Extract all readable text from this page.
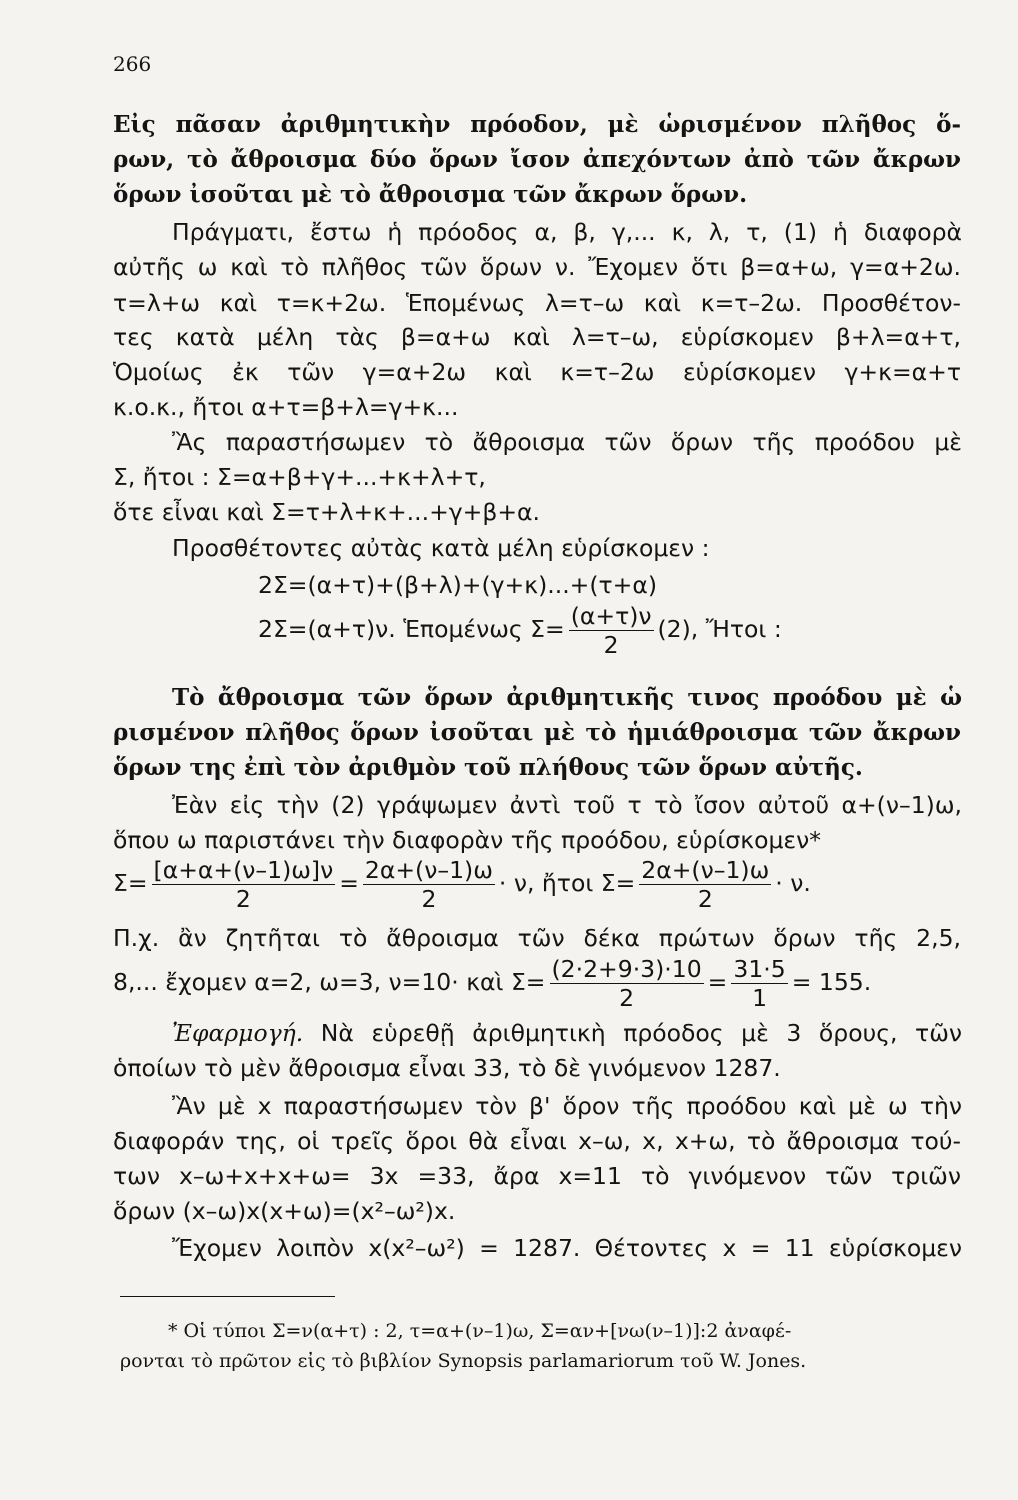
266
Εἰς πᾶσαν ἀριθμητικὴν πρόοδον, μὲ ὡρισμένον πλῆθος ὅ-
ρων, τὸ ἄθροισμα δύο ὅρων ἴσον ἀπεχόντων ἀπὸ τῶν ἄκρων
ὅρων ἰσοῦται μὲ τὸ ἄθροισμα τῶν ἄκρων ὅρων.
Πράγματι, ἔστω ἡ πρόοδος α, β, γ,... κ, λ, τ, (1) ἡ διαφορὰ
αὐτῆς ω καὶ τὸ πλῆθος τῶν ὅρων ν. Ἔχομεν ὅτι β=α+ω, γ=α+2ω.
τ=λ+ω καὶ τ=κ+2ω. Ἑπομένως λ=τ–ω καὶ κ=τ–2ω. Προσθέτον-
τες κατὰ μέλη τὰς β=α+ω καὶ λ=τ–ω, εὑρίσκομεν β+λ=α+τ,
Ὁμοίως ἐκ τῶν γ=α+2ω καὶ κ=τ–2ω εὑρίσκομεν γ+κ=α+τ
κ.ο.κ., ἤτοι α+τ=β+λ=γ+κ...
Ἂς παραστήσωμεν τὸ ἄθροισμα τῶν ὅρων τῆς προόδου μὲ
Σ, ἤτοι : Σ=α+β+γ+...+κ+λ+τ,
ὅτε εἶναι καὶ Σ=τ+λ+κ+...+γ+β+α.
Προσθέτοντες αὐτὰς κατὰ μέλη εὑρίσκομεν :
2Σ=(α+τ)+(β+λ)+(γ+κ)...+(τ+α)
2Σ=(α+τ)ν. Ἑπομένως $\Sigma= \frac{(\alpha+\tau)\nu}{2} (2)$, Ἤτοι :
Τὸ ἄθροισμα τῶν ὅρων ἀριθμητικῆς τινος προόδου μὲ ὡ
ρισμένον πλῆθος ὅρων ἰσοῦται μὲ τὸ ἡμιάθροισμα τῶν ἄκρων
ὅρων της ἐπὶ τὸν ἀριθμὸν τοῦ πλήθους τῶν ὅρων αὐτῆς.
Ἐὰν εἰς τὴν (2) γράψωμεν ἀντὶ τοῦ τ τὸ ἴσον αὐτοῦ α+(ν–1)ω,
ὅπου ω παριστάνει τὴν διαφορὰν τῆς προόδου, εὑρίσκομεν*
$\Sigma= \frac{[\alpha+\alpha+(\nu-1)\omega]\nu}{2} = \frac{2\alpha+(\nu-1)\omega}{2} \cdot \nu$, ἤτοι $\Sigma= \frac{2\alpha+(\nu-1)\omega}{2} \cdot \nu$.
Π.χ. ἂν ζητῆται τὸ ἄθροισμα τῶν δέκα πρώτων ὅρων τῆς 2,5,
8,... ἔχομεν α=2, ω=3, ν=10· καὶ $\Sigma= \frac{(2\cdot 2+9\cdot 3)\cdot 10}{2} = \frac{31\cdot 5}{1} = 155$.
Ἐφαρμογή. Νὰ εὑρεθῇ ἀριθμητικὴ πρόοδος μὲ 3 ὅρους, τῶν
ὁποίων τὸ μὲν ἄθροισμα εἶναι 33, τὸ δὲ γινόμενον 1287.
Ἂν μὲ x παραστήσωμεν τὸν β' ὅρον τῆς προόδου καὶ μὲ ω τὴν
διαφοράν της, οἱ τρεῖς ὅροι θὰ εἶναι x–ω, x, x+ω, τὸ ἄθροισμα τού-
των x–ω+x+x+ω= 3x =33, ἄρα x=11 τὸ γινόμενον τῶν τριῶν
ὅρων (x–ω)x(x+ω)=(x²–ω²)x.
Ἔχομεν λοιπὸν x(x²–ω²) = 1287. Θέτοντες x = 11 εὑρίσκομεν
* Οἱ τύποι Σ=ν(α+τ) : 2, τ=α+(ν–1)ω, Σ=αν+[νω(ν–1)]:2 ἀναφέ-
ρονται τὸ πρῶτον εἰς τὸ βιβλίον Synopsis parlamariorum τοῦ W. Jones.
